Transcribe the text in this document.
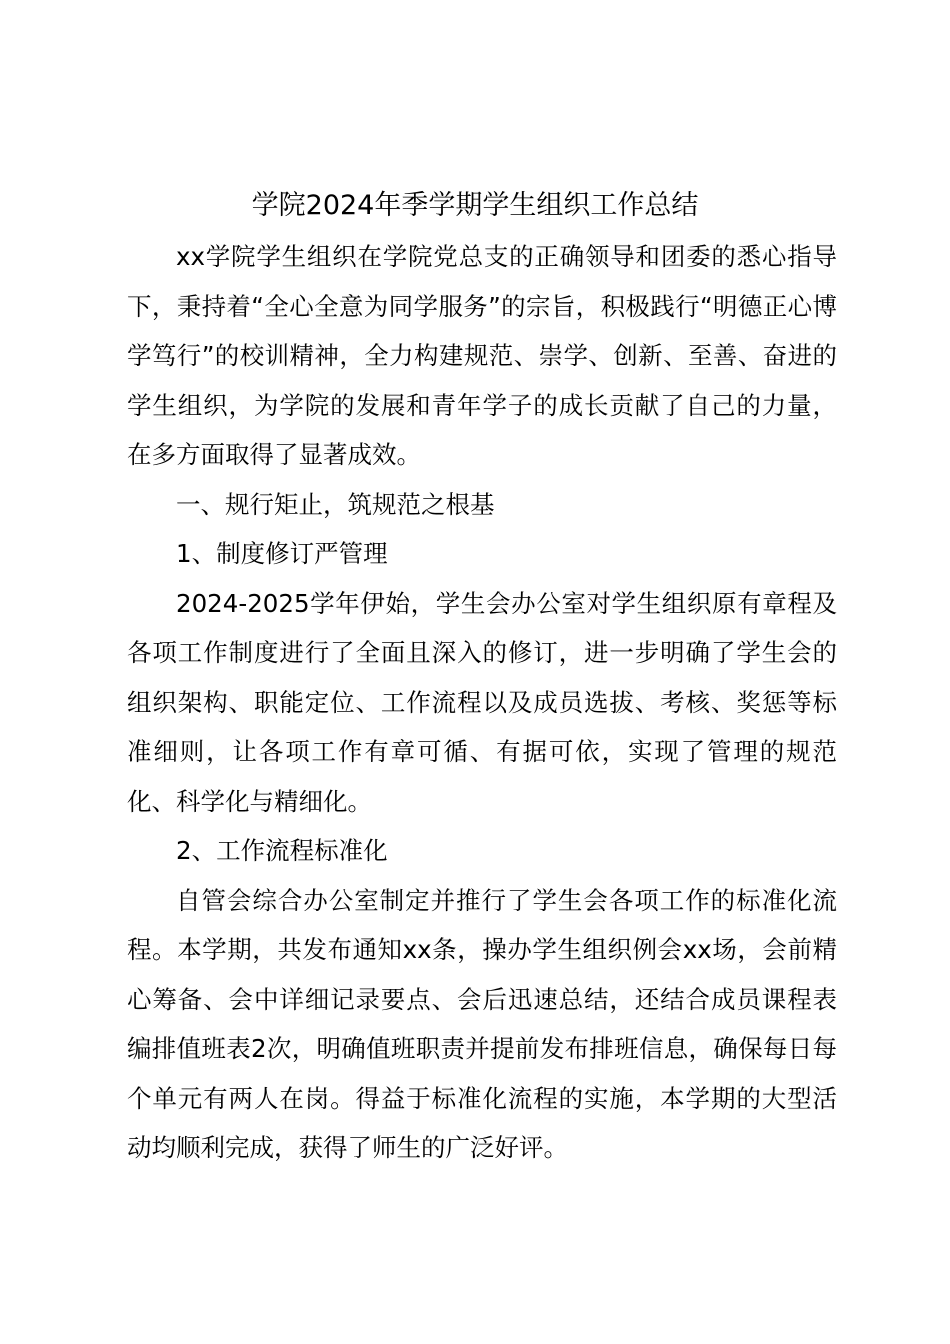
学院2024年季学期学生组织工作总结

xx学院学生组织在学院党总支的正确领导和团委的悉心指导下，秉持着“全心全意为同学服务”的宗旨，积极践行“明德正心博学笃行”的校训精神，全力构建规范、崇学、创新、至善、奋进的学生组织，为学院的发展和青年学子的成长贡献了自己的力量，在多方面取得了显著成效。

一、规行矩止，筑规范之根基

1、制度修订严管理

2024-2025学年伊始，学生会办公室对学生组织原有章程及各项工作制度进行了全面且深入的修订，进一步明确了学生会的组织架构、职能定位、工作流程以及成员选拔、考核、奖惩等标准细则，让各项工作有章可循、有据可依，实现了管理的规范化、科学化与精细化。

2、工作流程标准化

自管会综合办公室制定并推行了学生会各项工作的标准化流程。本学期，共发布通知xx条，操办学生组织例会xx场，会前精心筹备、会中详细记录要点、会后迅速总结，还结合成员课程表编排值班表2次，明确值班职责并提前发布排班信息，确保每日每个单元有两人在岗。得益于标准化流程的实施，本学期的大型活动均顺利完成，获得了师生的广泛好评。
